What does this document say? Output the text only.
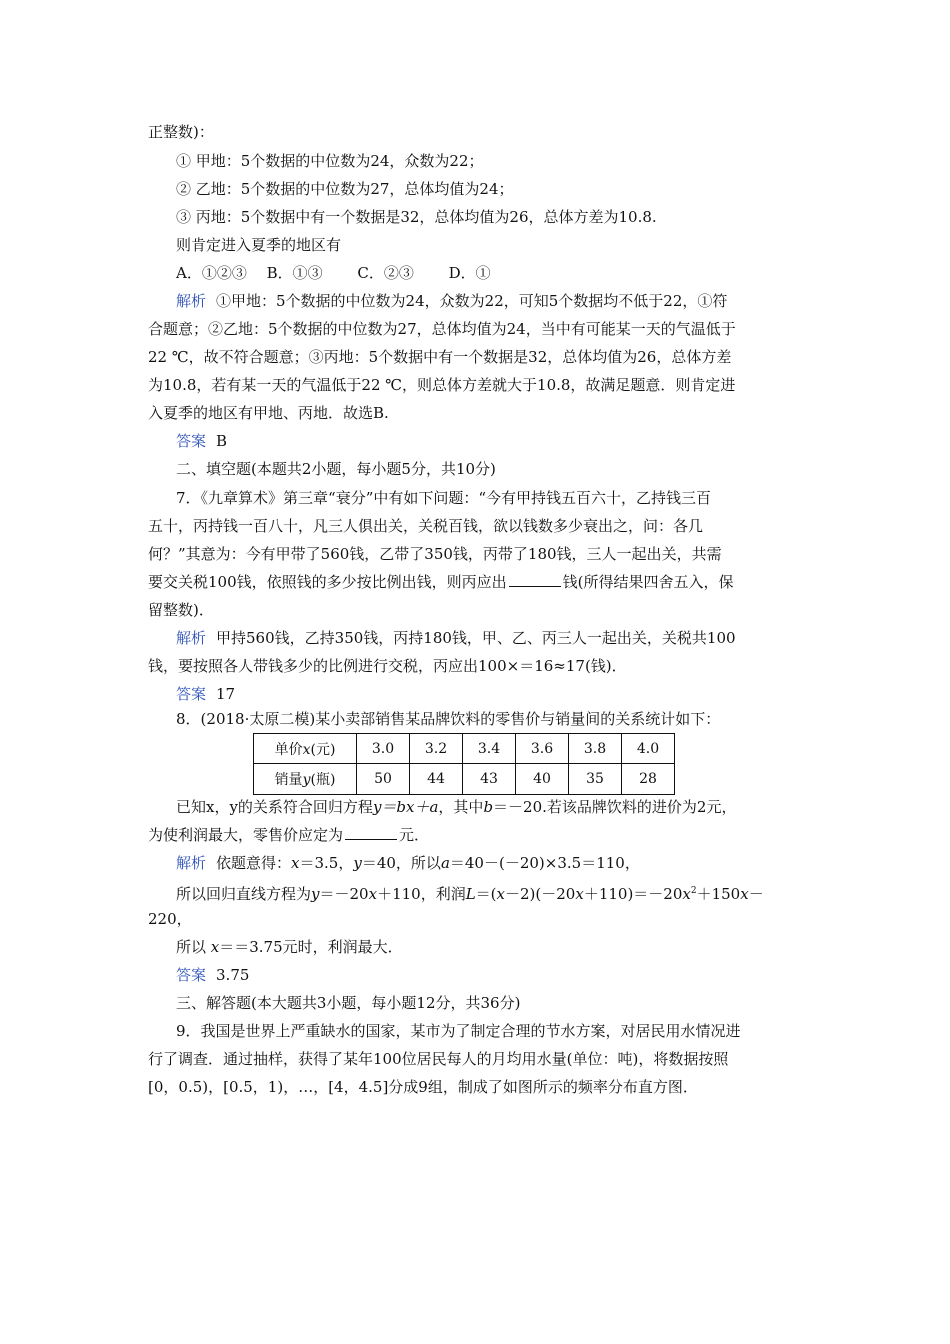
正整数)：
① 甲地：5个数据的中位数为24，众数为22；
② 乙地：5个数据的中位数为27，总体均值为24；
③ 丙地：5个数据中有一个数据是32，总体均值为26，总体方差为10.8.
则肯定进入夏季的地区有
A．①②③　 B．①③　　 C．②③　　 D．①
解析 ①甲地：5个数据的中位数为24，众数为22，可知5个数据均不低于22，①符
合题意；②乙地：5个数据的中位数为27，总体均值为24，当中有可能某一天的气温低于
22 ℃，故不符合题意；③丙地：5个数据中有一个数据是32，总体均值为26，总体方差
为10.8，若有某一天的气温低于22 ℃，则总体方差就大于10.8，故满足题意．则肯定进
入夏季的地区有甲地、丙地．故选B.
答案 B
二、填空题(本题共2小题，每小题5分，共10分)
7．《九章算术》第三章“衰分”中有如下问题：“今有甲持钱五百六十，乙持钱三百
五十，丙持钱一百八十，凡三人俱出关，关税百钱，欲以钱数多少衰出之，问：各几
何？”其意为：今有甲带了560钱，乙带了350钱，丙带了180钱，三人一起出关，共需
要交关税100钱，依照钱的多少按比例出钱，则丙应出	钱(所得结果四舍五入，保
留整数)．
解析 甲持560钱，乙持350钱，丙持180钱，甲、乙、丙三人一起出关，关税共100
钱，要按照各人带钱多少的比例进行交税，丙应出100×＝16≈17(钱)．
答案 17
8．(2018·太原二模)某小卖部销售某品牌饮料的零售价与销量间的关系统计如下：
单价x(元)	3.0	3.2	3.4	3.6	3.8	4.0
销量y(瓶)	50	44	43	40	35	28
已知x，y的关系符合回归方程y＝bx＋a，其中b＝－20.若该品牌饮料的进价为2元，
为使利润最大，零售价应定为	元．
解析 依题意得：x＝3.5，y＝40，所以a＝40－(－20)×3.5＝110，
所以回归直线方程为y＝－20x＋110，利润$L=(x-2)(-20x+110)=-20x^2+150x-$
220，
所以 x＝＝3.75元时，利润最大．
答案 3.75
三、解答题(本大题共3小题，每小题12分，共36分)
9．我国是世界上严重缺水的国家，某市为了制定合理的节水方案，对居民用水情况进
行了调查．通过抽样，获得了某年100位居民每人的月均用水量(单位：吨)，将数据按照
[0，0.5)，[0.5，1)，…，[4，4.5]分成9组，制成了如图所示的频率分布直方图．
